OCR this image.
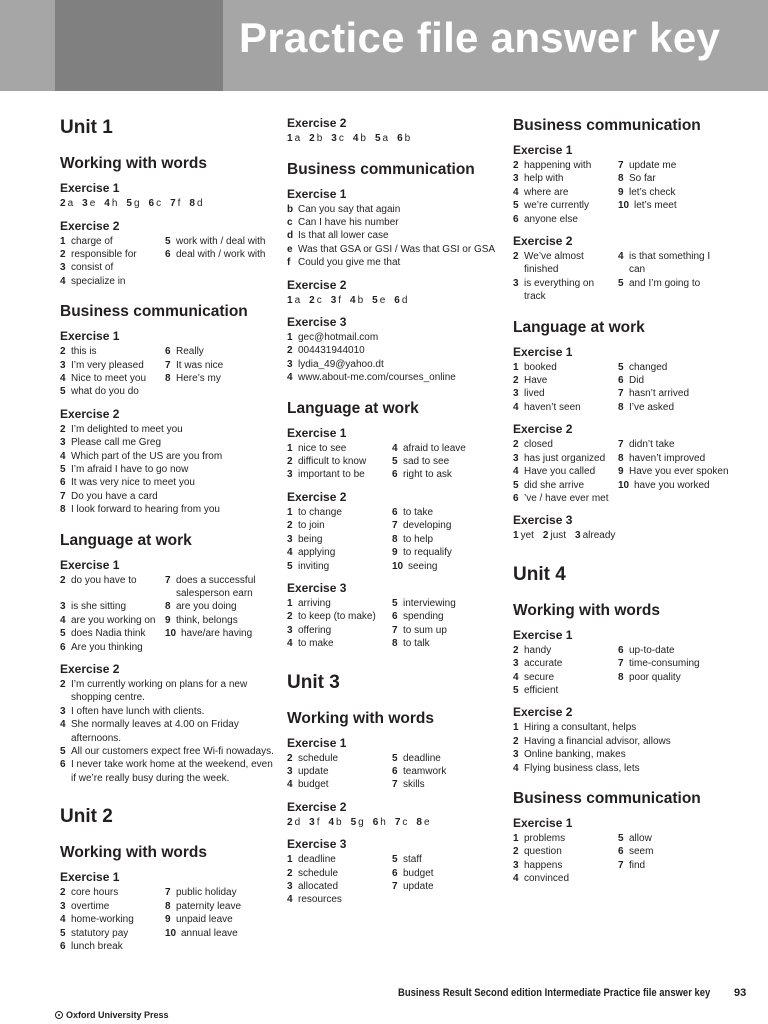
Practice file answer key
Unit 1
Working with words
Exercise 1
2 a 3 e 4 h 5 g 6 c 7 f 8 d
Exercise 2
1 charge of
2 responsible for
3 consist of
4 specialize in
5 work with / deal with
6 deal with / work with
Business communication
Exercise 1
2 this is
3 I’m very pleased
4 Nice to meet you
5 what do you do
6 Really
7 It was nice
8 Here’s my
Exercise 2
2 I’m delighted to meet you
3 Please call me Greg
4 Which part of the US are you from
5 I’m afraid I have to go now
6 It was very nice to meet you
7 Do you have a card
8 I look forward to hearing from you
Language at work
Exercise 1
2 do you have to
3 is she sitting
4 are you working on
5 does Nadia think
6 Are you thinking
7 does a successful salesperson earn
8 are you doing
9 think, belongs
10 have/are having
Exercise 2
2 I’m currently working on plans for a new shopping centre.
3 I often have lunch with clients.
4 She normally leaves at 4.00 on Friday afternoons.
5 All our customers expect free Wi-fi nowadays.
6 I never take work home at the weekend, even if we’re really busy during the week.
Unit 2
Working with words
Exercise 1
2 core hours
3 overtime
4 home-working
5 statutory pay
6 lunch break
7 public holiday
8 paternity leave
9 unpaid leave
10 annual leave
Exercise 2
1 a 2 b 3 c 4 b 5 a 6 b
Business communication
Exercise 1
b Can you say that again
c Can I have his number
d Is that all lower case
e Was that GSA or GSI / Was that GSI or GSA
f Could you give me that
Exercise 2
1 a 2 c 3 f 4 b 5 e 6 d
Exercise 3
1 gec@hotmail.com
2 004431944010
3 lydia_49@yahoo.dt
4 www.about-me.com/courses_online
Language at work
Exercise 1
1 nice to see
2 difficult to know
3 important to be
4 afraid to leave
5 sad to see
6 right to ask
Exercise 2
1 to change
2 to join
3 being
4 applying
5 inviting
6 to take
7 developing
8 to help
9 to requalify
10 seeing
Exercise 3
1 arriving
2 to keep (to make)
3 offering
4 to make
5 interviewing
6 spending
7 to sum up
8 to talk
Unit 3
Working with words
Exercise 1
2 schedule
3 update
4 budget
5 deadline
6 teamwork
7 skills
Exercise 2
2 d 3 f 4 b 5 g 6 h 7 c 8 e
Exercise 3
1 deadline
2 schedule
3 allocated
4 resources
5 staff
6 budget
7 update
Business communication
Exercise 1
2 happening with
3 help with
4 where are
5 we’re currently
6 anyone else
7 update me
8 So far
9 let’s check
10 let’s meet
Exercise 2
2 We’ve almost finished
3 is everything on track
4 is that something I can
5 and I’m going to
Language at work
Exercise 1
1 booked
2 Have
3 lived
4 haven’t seen
5 changed
6 Did
7 hasn’t arrived
8 I’ve asked
Exercise 2
2 closed
3 has just organized
4 Have you called
5 did she arrive
6 ’ve / have ever met
7 didn’t take
8 haven’t improved
9 Have you ever spoken
10 have you worked
Exercise 3
1 yet 2 just 3 already
Unit 4
Working with words
Exercise 1
2 handy
3 accurate
4 secure
5 efficient
6 up-to-date
7 time-consuming
8 poor quality
Exercise 2
1 Hiring a consultant, helps
2 Having a financial advisor, allows
3 Online banking, makes
4 Flying business class, lets
Business communication
Exercise 1
1 problems
2 question
3 happens
4 convinced
5 allow
6 seem
7 find
Business Result Second edition Intermediate Practice file answer key 93
Oxford University Press
